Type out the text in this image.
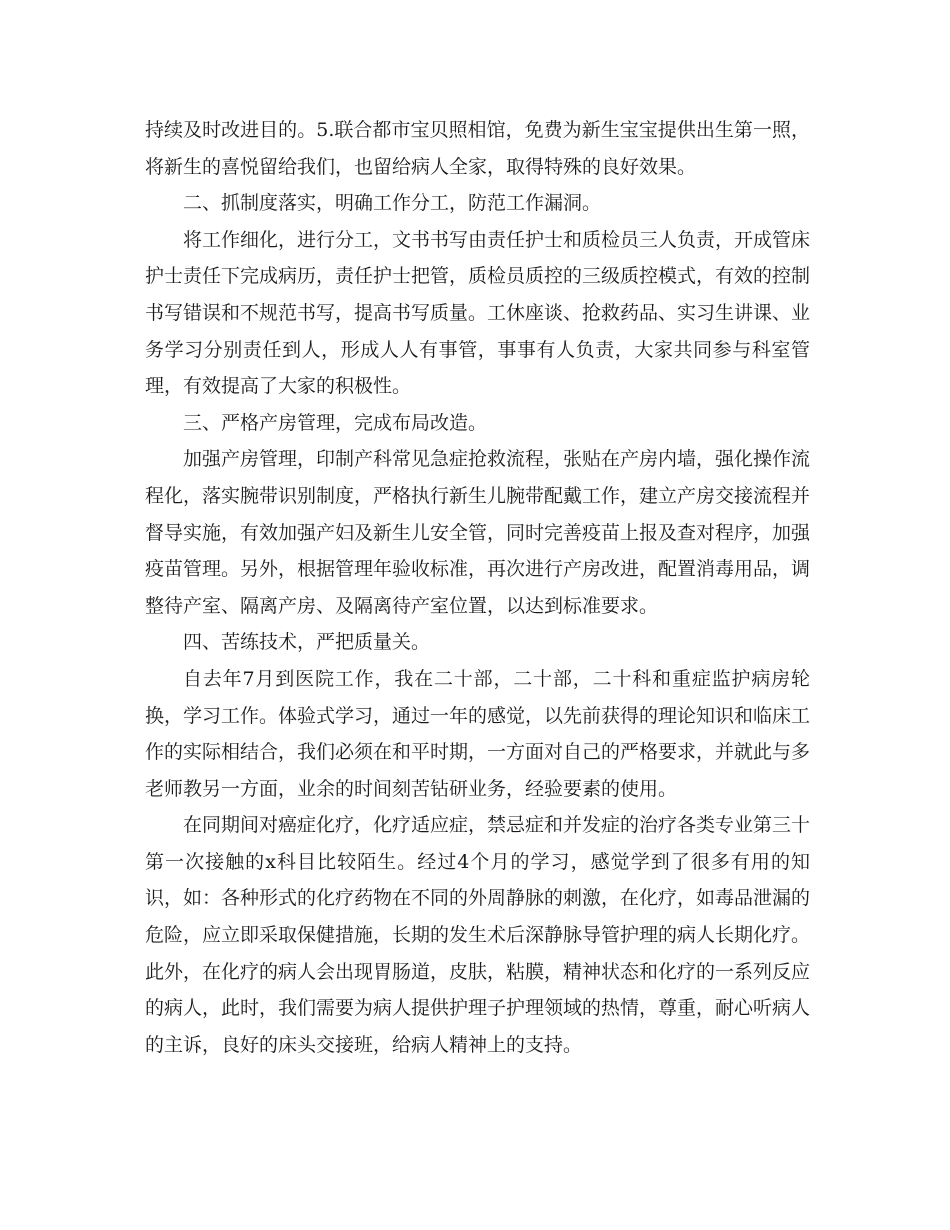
持续及时改进目的。5.联合都市宝贝照相馆，免费为新生宝宝提供出生第一照，将新生的喜悦留给我们，也留给病人全家，取得特殊的良好效果。

二、抓制度落实，明确工作分工，防范工作漏洞。

将工作细化，进行分工，文书书写由责任护士和质检员三人负责，开成管床护士责任下完成病历，责任护士把管，质检员质控的三级质控模式，有效的控制书写错误和不规范书写，提高书写质量。工休座谈、抢救药品、实习生讲课、业务学习分别责任到人，形成人人有事管，事事有人负责，大家共同参与科室管理，有效提高了大家的积极性。

三、严格产房管理，完成布局改造。

加强产房管理，印制产科常见急症抢救流程，张贴在产房内墙，强化操作流程化，落实腕带识别制度，严格执行新生儿腕带配戴工作，建立产房交接流程并督导实施，有效加强产妇及新生儿安全管，同时完善疫苗上报及查对程序，加强疫苗管理。另外，根据管理年验收标准，再次进行产房改进，配置消毒用品，调整待产室、隔离产房、及隔离待产室位置，以达到标准要求。

四、苦练技术，严把质量关。

自去年7月到医院工作，我在二十部，二十部，二十科和重症监护病房轮换，学习工作。体验式学习，通过一年的感觉，以先前获得的理论知识和临床工作的实际相结合，我们必须在和平时期，一方面对自己的严格要求，并就此与多老师教另一方面，业余的时间刻苦钻研业务，经验要素的使用。

在同期间对癌症化疗，化疗适应症，禁忌症和并发症的治疗各类专业第三十第一次接触的x科目比较陌生。经过4个月的学习，感觉学到了很多有用的知识，如：各种形式的化疗药物在不同的外周静脉的刺激，在化疗，如毒品泄漏的危险，应立即采取保健措施，长期的发生术后深静脉导管护理的病人长期化疗。此外，在化疗的病人会出现胃肠道，皮肤，粘膜，精神状态和化疗的一系列反应的病人，此时，我们需要为病人提供护理子护理领域的热情，尊重，耐心听病人的主诉，良好的床头交接班，给病人精神上的支持。
